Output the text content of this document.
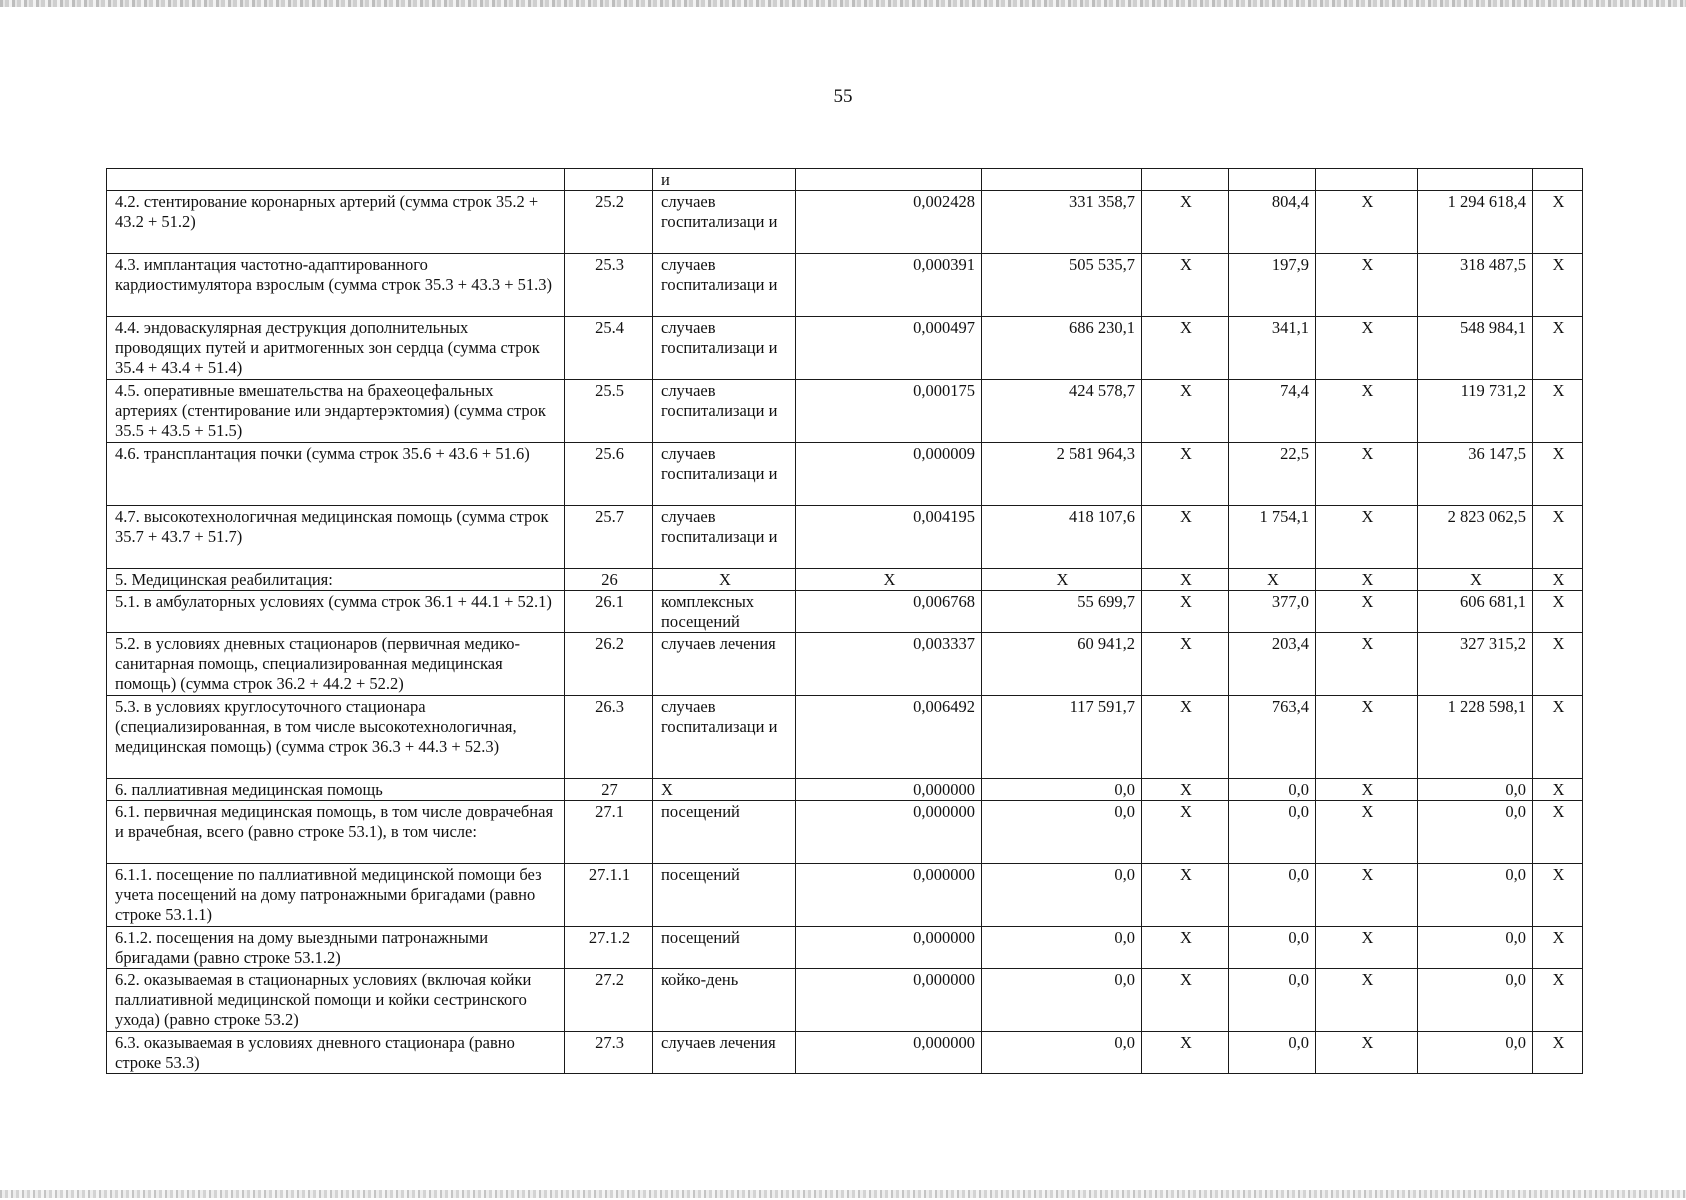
55
		и							
4.2. стентирование коронарных артерий (сумма строк 35.2 + 43.2 + 51.2)	25.2	случаев госпитализаци и	0,002428	331 358,7	X	804,4	X	1 294 618,4	X
4.3. имплантация частотно-адаптированного кардиостимулятора взрослым (сумма строк 35.3 + 43.3 + 51.3)	25.3	случаев госпитализаци и	0,000391	505 535,7	X	197,9	X	318 487,5	X
4.4. эндоваскулярная деструкция дополнительных проводящих путей и аритмогенных зон сердца (сумма строк 35.4 + 43.4 + 51.4)	25.4	случаев госпитализаци и	0,000497	686 230,1	X	341,1	X	548 984,1	X
4.5. оперативные вмешательства на брахеоцефальных артериях (стентирование или эндартерэктомия) (сумма строк 35.5 + 43.5 + 51.5)	25.5	случаев госпитализаци и	0,000175	424 578,7	X	74,4	X	119 731,2	X
4.6. трансплантация почки (сумма строк 35.6 + 43.6 + 51.6)	25.6	случаев госпитализаци и	0,000009	2 581 964,3	X	22,5	X	36 147,5	X
4.7. высокотехнологичная медицинская помощь (сумма строк 35.7 + 43.7 + 51.7)	25.7	случаев госпитализаци и	0,004195	418 107,6	X	1 754,1	X	2 823 062,5	X
5. Медицинская реабилитация:	26	X	X	X	X	X	X	X	X
5.1. в амбулаторных условиях (сумма строк 36.1 + 44.1 + 52.1)	26.1	комплексных посещений	0,006768	55 699,7	X	377,0	X	606 681,1	X
5.2. в условиях дневных стационаров (первичная медико-санитарная помощь, специализированная медицинская помощь) (сумма строк 36.2 + 44.2 + 52.2)	26.2	случаев лечения	0,003337	60 941,2	X	203,4	X	327 315,2	X
5.3. в условиях круглосуточного стационара (специализированная, в том числе высокотехнологичная, медицинская помощь) (сумма строк 36.3 + 44.3 + 52.3)	26.3	случаев госпитализаци и	0,006492	117 591,7	X	763,4	X	1 228 598,1	X
6. паллиативная медицинская помощь	27	X	0,000000	0,0	X	0,0	X	0,0	X
6.1. первичная медицинская помощь, в том числе доврачебная и врачебная, всего (равно строке 53.1), в том числе:	27.1	посещений	0,000000	0,0	X	0,0	X	0,0	X
6.1.1. посещение по паллиативной медицинской помощи без учета посещений на дому патронажными бригадами (равно строке 53.1.1)	27.1.1	посещений	0,000000	0,0	X	0,0	X	0,0	X
6.1.2. посещения на дому выездными патронажными бригадами (равно строке 53.1.2)	27.1.2	посещений	0,000000	0,0	X	0,0	X	0,0	X
6.2. оказываемая в стационарных условиях (включая койки паллиативной медицинской помощи и койки сестринского ухода) (равно строке 53.2)	27.2	койко-день	0,000000	0,0	X	0,0	X	0,0	X
6.3. оказываемая в условиях дневного стационара (равно строке 53.3)	27.3	случаев лечения	0,000000	0,0	X	0,0	X	0,0	X
